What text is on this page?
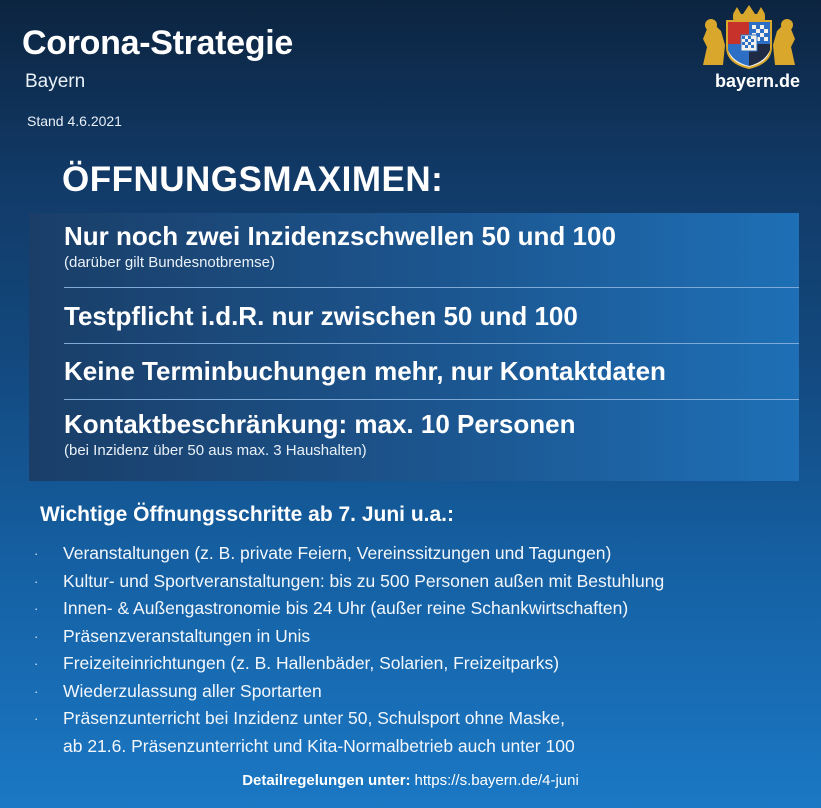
Corona-Strategie
Bayern
Stand 4.6.2021
bayern.de
ÖFFNUNGSMAXIMEN:
Nur noch zwei Inzidenzschwellen 50 und 100
(darüber gilt Bundesnotbremse)
Testpflicht i.d.R. nur zwischen 50 und 100
Keine Terminbuchungen mehr, nur Kontaktdaten
Kontaktbeschränkung: max. 10 Personen
(bei Inzidenz über 50 aus max. 3 Haushalten)
Wichtige Öffnungsschritte ab 7. Juni u.a.:
· Veranstaltungen (z. B. private Feiern, Vereinssitzungen und Tagungen)
· Kultur- und Sportveranstaltungen: bis zu 500 Personen außen mit Bestuhlung
· Innen- & Außengastronomie bis 24 Uhr (außer reine Schankwirtschaften)
· Präsenzveranstaltungen in Unis
· Freizeiteinrichtungen (z. B. Hallenbäder, Solarien, Freizeitparks)
· Wiederzulassung aller Sportarten
· Präsenzunterricht bei Inzidenz unter 50, Schulsport ohne Maske,
ab 21.6. Präsenzunterricht und Kita-Normalbetrieb auch unter 100
Detailregelungen unter: https://s.bayern.de/4-juni
